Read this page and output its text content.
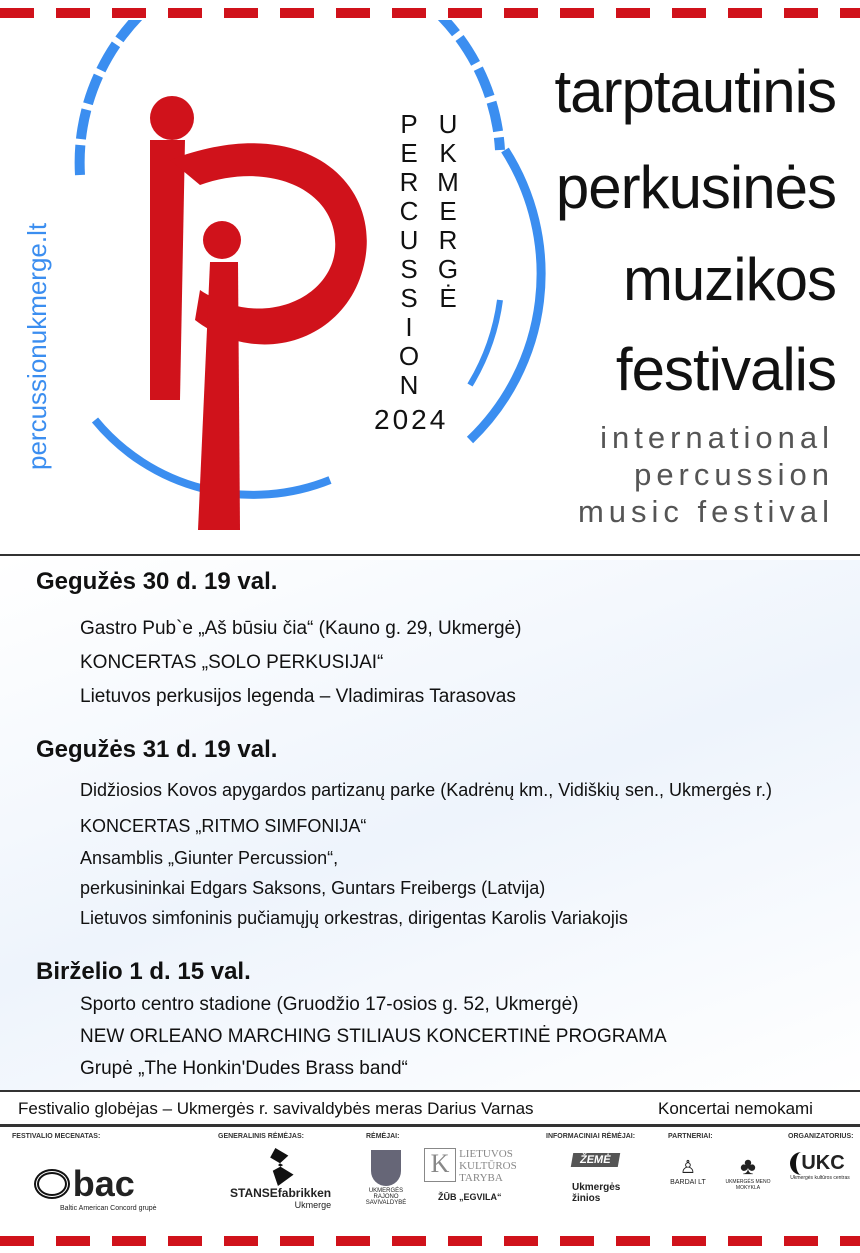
percussionukmerge.lt
P
E
R
C
U
S
S
I
O
N
U
K
M
E
R
G
Ė
2024
tarptautinis
perkusinės
muzikos
festivalis
international
percussion
music festival
Gegužės 30 d. 19 val.
Gastro Pub`e „Aš būsiu čia“ (Kauno g. 29, Ukmergė)
KONCERTAS „SOLO PERKUSIJAI“
Lietuvos perkusijos legenda – Vladimiras Tarasovas
Gegužės 31 d. 19 val.
Didžiosios Kovos apygardos partizanų parke (Kadrėnų km., Vidiškių sen., Ukmergės r.)
KONCERTAS „RITMO SIMFONIJA“
Ansamblis „Giunter Percussion“,
perkusininkai Edgars Saksons, Guntars Freibergs (Latvija)
Lietuvos simfoninis pučiamųjų orkestras, dirigentas Karolis Variakojis
Birželio 1 d. 15 val.
Sporto centro stadione (Gruodžio 17-osios g. 52, Ukmergė)
NEW ORLEANO MARCHING STILIAUS KONCERTINĖ PROGRAMA
Grupė „The Honkin'Dudes Brass band“
Festivalio globėjas – Ukmergės r. savivaldybės meras Darius Varnas	Koncertai nemokami
FESTIVALIO MECENATAS:	GENERALINIS RĖMĖJAS:	RĖMĖJAI:	INFORMACINIAI RĖMĖJAI:	PARTNERIAI:	ORGANIZATORIUS:
bac
Baltic American Concord grupė
STANSEfabrikken
Ukmerge
UKMERGĖS RAJONO SAVIVALDYBĖ
K LIETUVOS KULTŪROS TARYBA
ŽŪB „EGVILA“
ŽEMĖ
Ukmergės žinios
♙
BARDAI LT
♣
UKMERGĖS MENO MOKYKLA
UKC
Ukmergės kultūros centras
